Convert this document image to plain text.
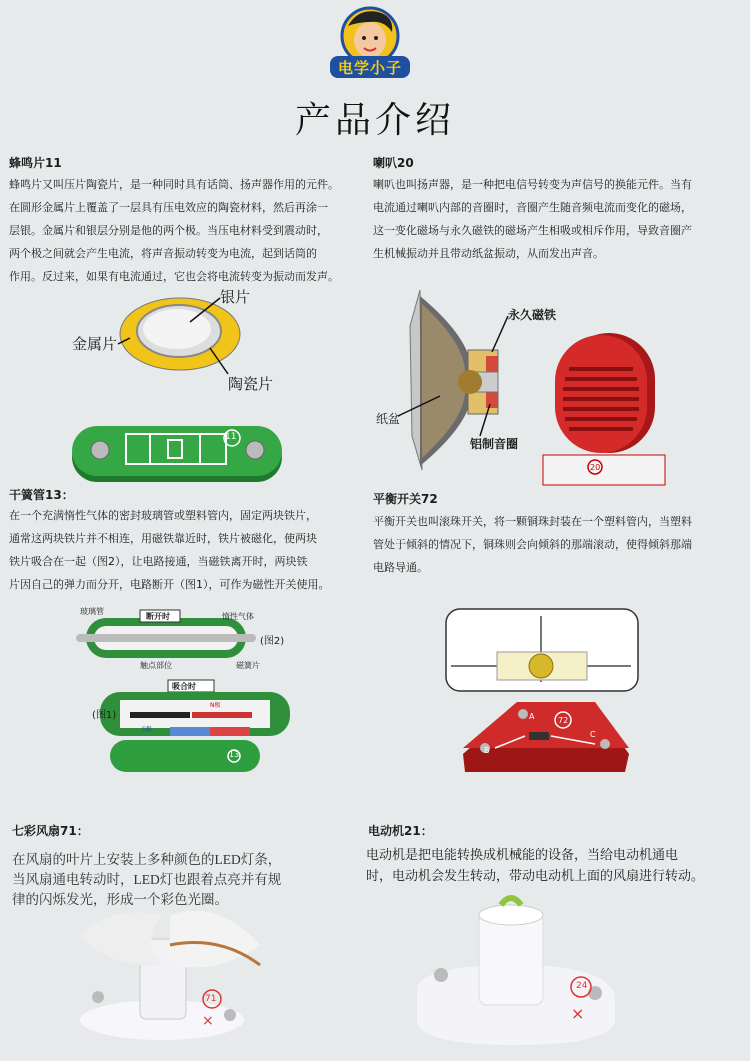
电学小子
产品介绍
蜂鸣片11
蜂鸣片又叫压片陶瓷片，是一种同时具有话筒、扬声器作用的元件。
在圆形金属片上覆盖了一层具有压电效应的陶瓷材料，然后再涂一
层银。金属片和银层分别是他的两个极。当压电材料受到震动时，
两个极之间就会产生电流，将声音振动转变为电流，起到话筒的
作用。反过来，如果有电流通过，它也会将电流转变为振动而发声。
银片
金属片
陶瓷片
11
喇叭20
喇叭也叫扬声器，是一种把电信号转变为声信号的换能元件。当有
电流通过喇叭内部的音圈时，音圈产生随音频电流而变化的磁场，
这一变化磁场与永久磁铁的磁场产生相吸或相斥作用，导致音圈产
生机械振动并且带动纸盆振动，从而发出声音。
永久磁铁
纸盆
铝制音圈
20
干簧管13：
在一个充满惰性气体的密封玻璃管或塑料管内，固定两块铁片，
通常这两块铁片并不相连，用磁铁靠近时，铁片被磁化，使两块
铁片吸合在一起（图2），让电路接通，当磁铁离开时，两块铁
片因自己的弹力而分开，电路断开（图1），可作为磁性开关使用。
玻璃管
断开时	惰性气体
(图2)
触点部位	磁簧片
吸合时
(图1)
N极
S极
13
平衡开关72
平衡开关也叫滚珠开关，将一颗铜珠封装在一个塑料管内，当塑料
管处于倾斜的情况下，铜珠则会向倾斜的那端滚动，使得倾斜那端
电路导通。
72
A
B
C
七彩风扇71：
在风扇的叶片上安装上多种颜色的LED灯条，
当风扇通电转动时，LED灯也跟着点亮并有规
律的闪烁发光，形成一个彩色光圈。
×
71
电动机21：
电动机是把电能转换成机械能的设备，当给电动机通电
时，电动机会发生转动，带动电动机上面的风扇进行转动。
×
24
